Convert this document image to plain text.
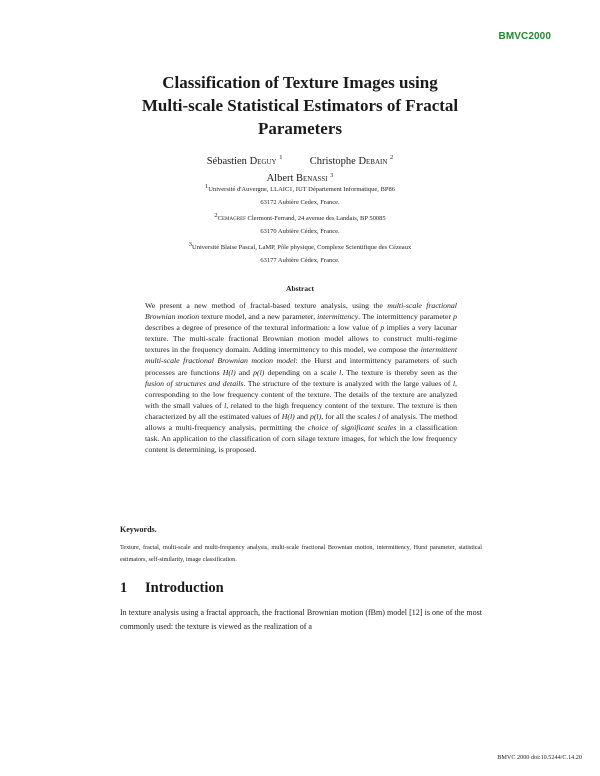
BMVC2000
Classification of Texture Images using
Multi-scale Statistical Estimators of Fractal
Parameters
Sébastien Deguy $^1$	Christophe Debain $^2$
Albert Benassi $^3$
$^1$Université d'Auvergne, LLAIC1, IUT Département Informatique, BP86
63172 Aubière Cedex, France.
$^2$Cemagref Clermont-Ferrand, 24 avenue des Landais, BP 50085
63170 Aubière Cédex, France.
$^3$Université Blaise Pascal, LaMP, Pôle physique, Complexe Scientifique des Cézeaux
63177 Aubière Cédex, France.
Abstract
We present a new method of fractal-based texture analysis, using the multi-scale fractional Brownian motion texture model, and a new parameter, intermittency. The intermittency parameter p describes a degree of presence of the textural information: a low value of p implies a very lacunar texture. The multi-scale fractional Brownian motion model allows to construct multi-regime textures in the frequency domain. Adding intermittency to this model, we compose the intermittent multi-scale fractional Brownian motion model: the Hurst and intermittency parameters of such processes are functions H(l) and p(l) depending on a scale l. The texture is thereby seen as the fusion of structures and details. The structure of the texture is analyzed with the large values of l, corresponding to the low frequency content of the texture. The details of the texture are analyzed with the small values of l, related to the high frequency content of the texture. The texture is then characterized by all the estimated values of H(l) and p(l), for all the scales l of analysis. The method allows a multi-frequency analysis, permitting the choice of significant scales in a classification task. An application to the classification of corn silage texture images, for which the low frequency content is determining, is proposed.
Keywords.
Texture, fractal, multi-scale and multi-frequency analysis, multi-scale fractional Brownian motion, intermittency, Hurst parameter, statistical estimators, self-similarity, image classification.
1 Introduction
In texture analysis using a fractal approach, the fractional Brownian motion (fBm) model [12] is one of the most commonly used: the texture is viewed as the realization of a
BMVC 2000 doi:10.5244/C.14.20
